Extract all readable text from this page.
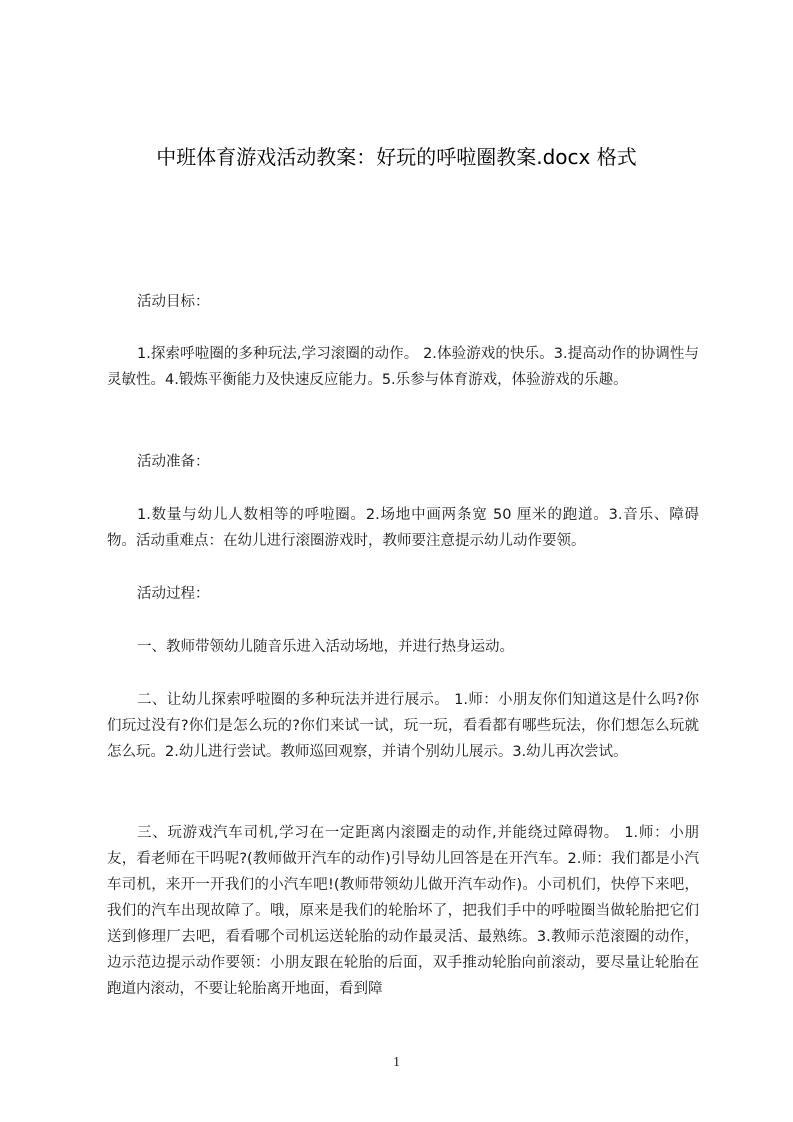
中班体育游戏活动教案：好玩的呼啦圈教案.docx 格式
活动目标：

1.探索呼啦圈的多种玩法,学习滚圈的动作。 2.体验游戏的快乐。3.提高动作的协调性与灵敏性。4.锻炼平衡能力及快速反应能力。5.乐参与体育游戏，体验游戏的乐趣。

活动准备：

1.数量与幼儿人数相等的呼啦圈。2.场地中画两条宽 50 厘米的跑道。3.音乐、障碍物。活动重难点：在幼儿进行滚圈游戏时，教师要注意提示幼儿动作要领。

活动过程：
一、教师带领幼儿随音乐进入活动场地，并进行热身运动。

二、让幼儿探索呼啦圈的多种玩法并进行展示。 1.师：小朋友你们知道这是什么吗?你们玩过没有?你们是怎么玩的?你们来试一试，玩一玩，看看都有哪些玩法，你们想怎么玩就怎么玩。2.幼儿进行尝试。教师巡回观察，并请个别幼儿展示。3.幼儿再次尝试。

三、玩游戏汽车司机,学习在一定距离内滚圈走的动作,并能绕过障碍物。 1.师：小朋友，看老师在干吗呢?(教师做开汽车的动作)引导幼儿回答是在开汽车。2.师：我们都是小汽车司机，来开一开我们的小汽车吧!(教师带领幼儿做开汽车动作)。小司机们，快停下来吧，我们的汽车出现故障了。哦，原来是我们的轮胎坏了，把我们手中的呼啦圈当做轮胎把它们送到修理厂去吧，看看哪个司机运送轮胎的动作最灵活、最熟练。3.教师示范滚圈的动作，边示范边提示动作要领：小朋友跟在轮胎的后面，双手推动轮胎向前滚动，要尽量让轮胎在跑道内滚动，不要让轮胎离开地面，看到障

1
